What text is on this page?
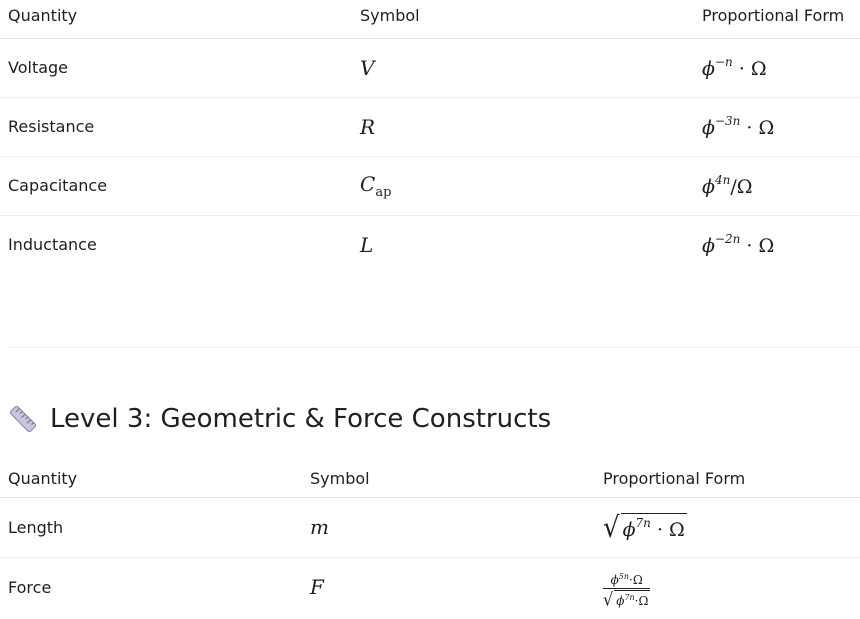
Quantity	Symbol	Proportional Form
Voltage	V	$\phi^{-n} \cdot \Omega$
Resistance	R	$\phi^{-3n} \cdot \Omega$
Capacitance	$C_{ap}$	$\phi^{4n}/\Omega$
Inductance	L	$\phi^{-2n} \cdot \Omega$
Level 3: Geometric & Force Constructs
Quantity	Symbol	Proportional Form
Length	m	√ $\phi^{7n} \cdot \Omega$

Force	F	$\frac{\phi^{5n}\cdot\Omega}{√ \phi^{7n}\cdot\Omega}$
